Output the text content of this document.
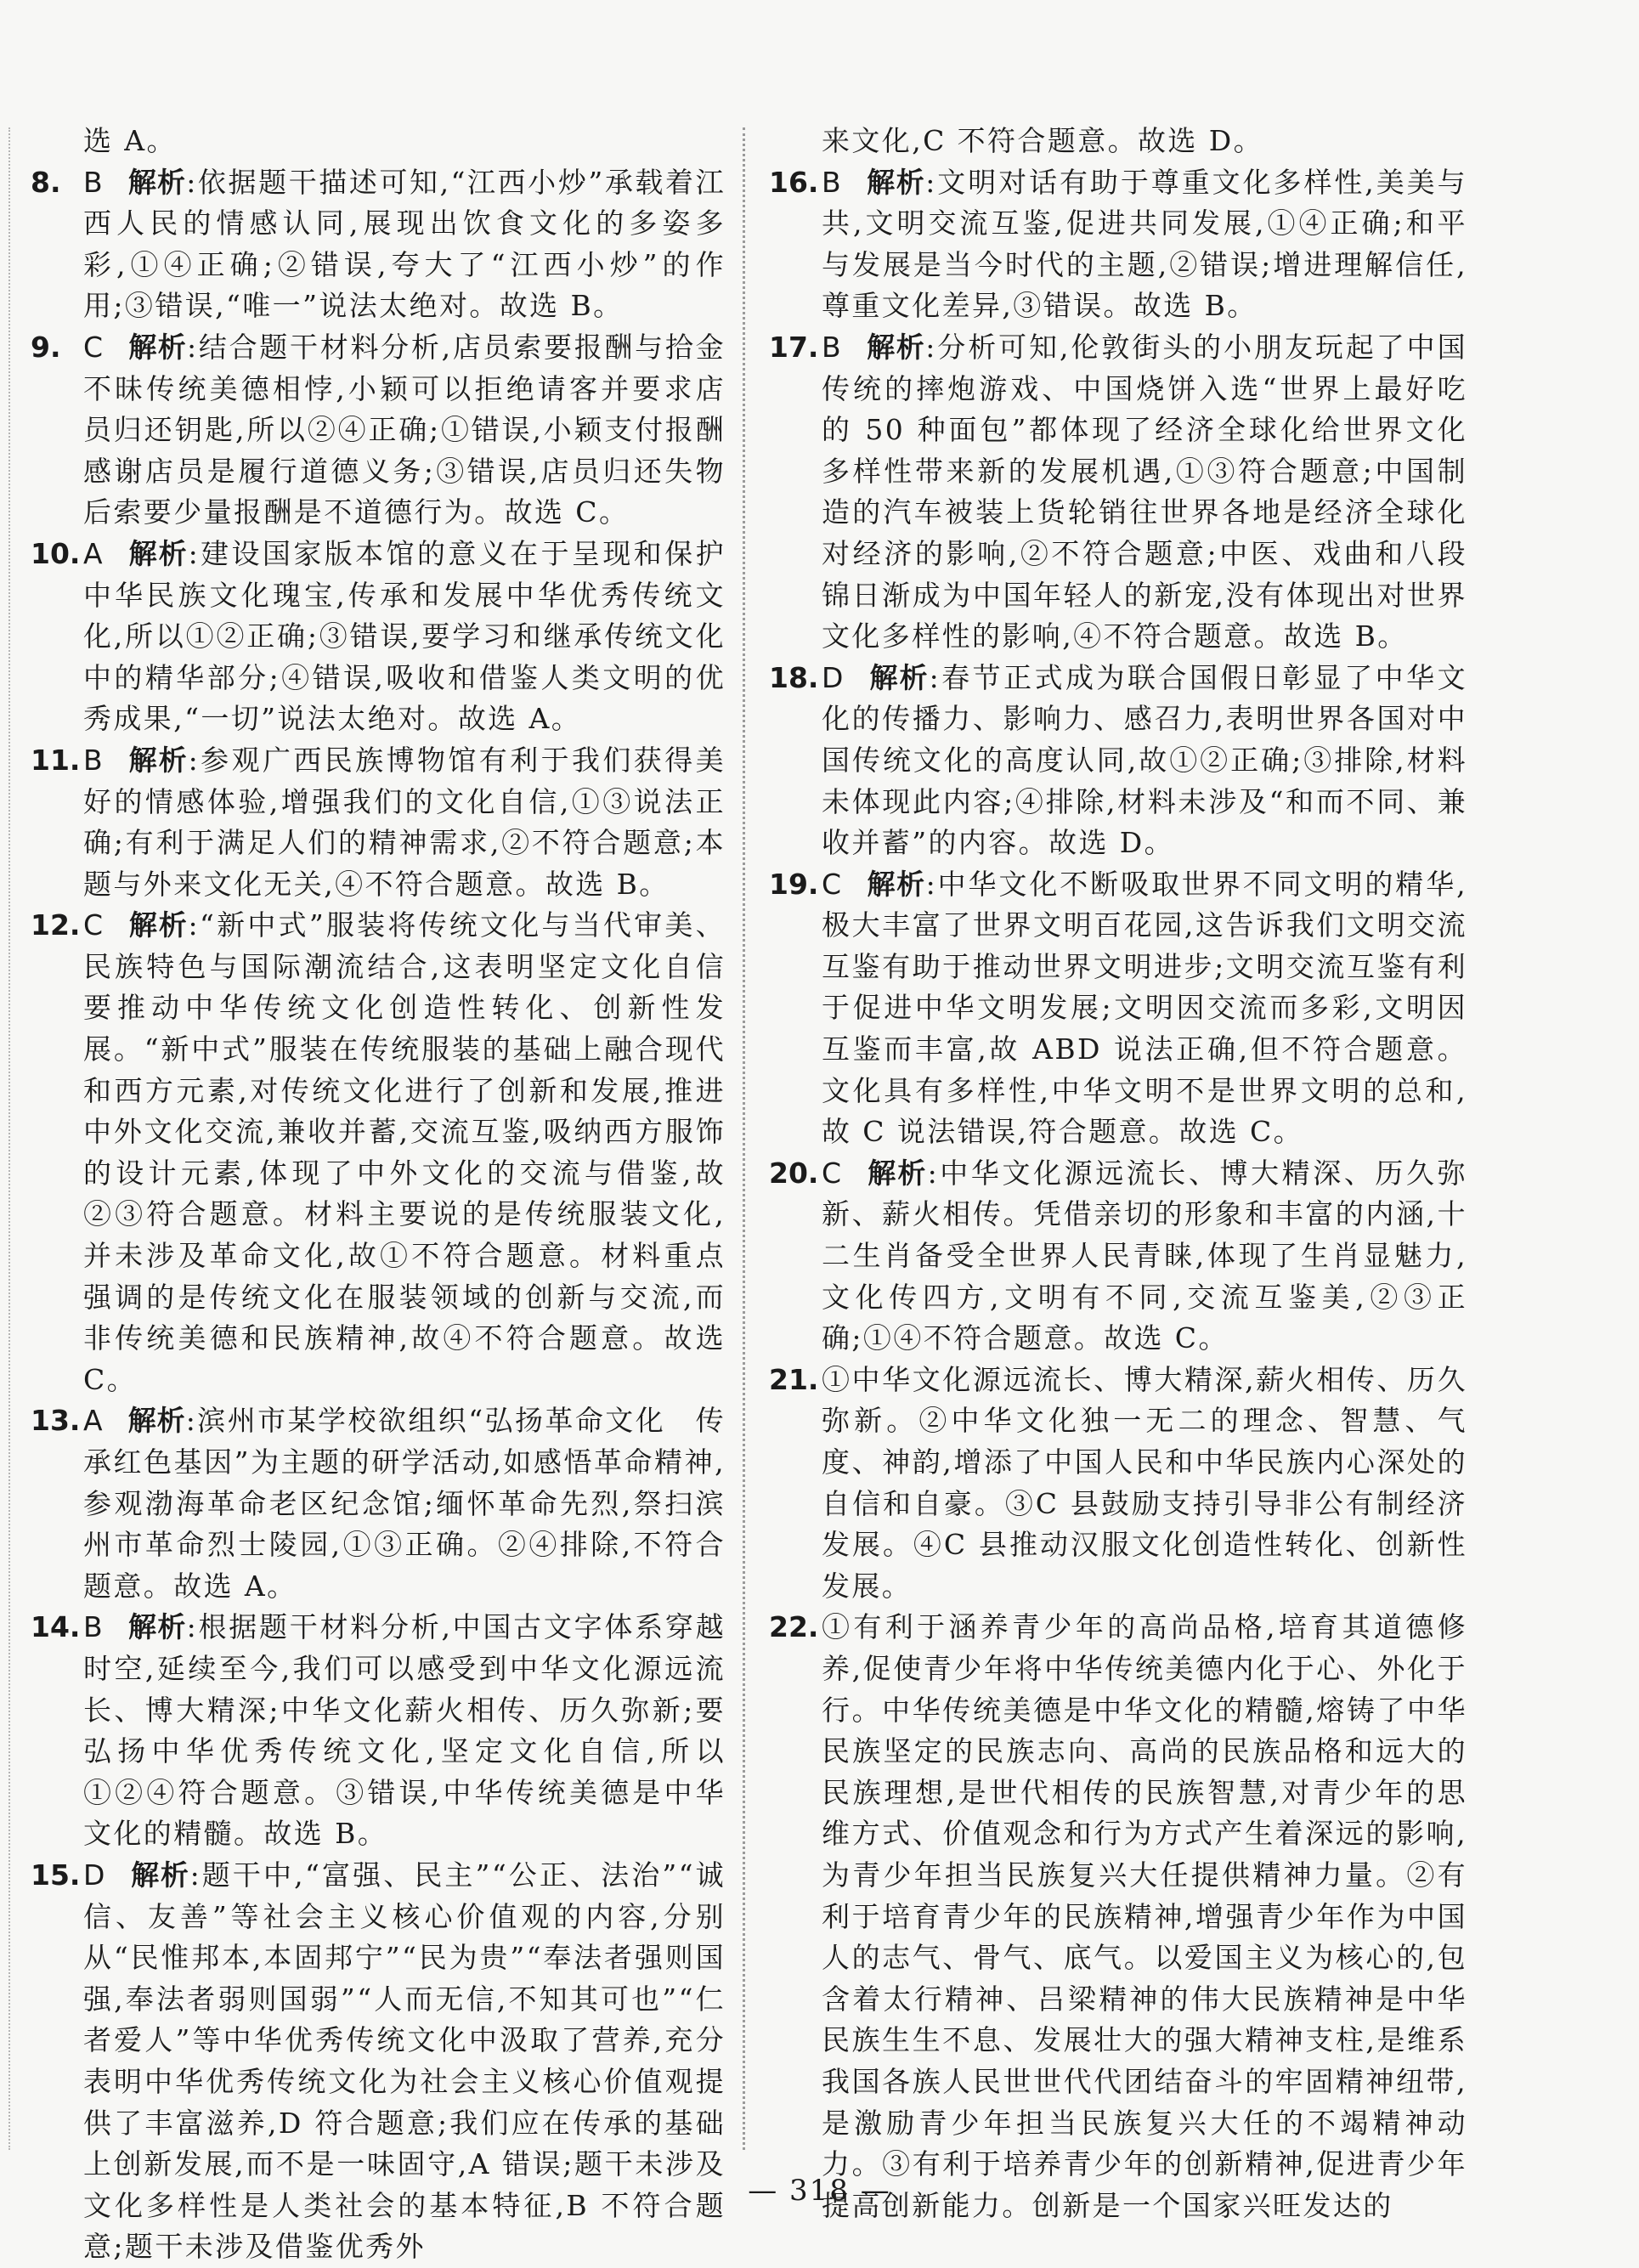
选 A。
8. B 解析:依据题干描述可知,“江西小炒”承载着江西人民的情感认同,展现出饮食文化的多姿多彩,①④正确;②错误,夸大了“江西小炒”的作用;③错误,“唯一”说法太绝对。故选 B。
9. C 解析:结合题干材料分析,店员索要报酬与拾金不昧传统美德相悖,小颖可以拒绝请客并要求店员归还钥匙,所以②④正确;①错误,小颖支付报酬感谢店员是履行道德义务;③错误,店员归还失物后索要少量报酬是不道德行为。故选 C。
10. A 解析:建设国家版本馆的意义在于呈现和保护中华民族文化瑰宝,传承和发展中华优秀传统文化,所以①②正确;③错误,要学习和继承传统文化中的精华部分;④错误,吸收和借鉴人类文明的优秀成果,“一切”说法太绝对。故选 A。
11. B 解析:参观广西民族博物馆有利于我们获得美好的情感体验,增强我们的文化自信,①③说法正确;有利于满足人们的精神需求,②不符合题意;本题与外来文化无关,④不符合题意。故选 B。
12. C 解析:“新中式”服装将传统文化与当代审美、民族特色与国际潮流结合,这表明坚定文化自信要推动中华传统文化创造性转化、创新性发展。“新中式”服装在传统服装的基础上融合现代和西方元素,对传统文化进行了创新和发展,推进中外文化交流,兼收并蓄,交流互鉴,吸纳西方服饰的设计元素,体现了中外文化的交流与借鉴,故②③符合题意。材料主要说的是传统服装文化,并未涉及革命文化,故①不符合题意。材料重点强调的是传统文化在服装领域的创新与交流,而非传统美德和民族精神,故④不符合题意。故选 C。
13. A 解析:滨州市某学校欲组织“弘扬革命文化　传承红色基因”为主题的研学活动,如感悟革命精神,参观渤海革命老区纪念馆;缅怀革命先烈,祭扫滨州市革命烈士陵园,①③正确。②④排除,不符合题意。故选 A。
14. B 解析:根据题干材料分析,中国古文字体系穿越时空,延续至今,我们可以感受到中华文化源远流长、博大精深;中华文化薪火相传、历久弥新;要弘扬中华优秀传统文化,坚定文化自信,所以①②④符合题意。③错误,中华传统美德是中华文化的精髓。故选 B。
15. D 解析:题干中,“富强、民主”“公正、法治”“诚信、友善”等社会主义核心价值观的内容,分别从“民惟邦本,本固邦宁”“民为贵”“奉法者强则国强,奉法者弱则国弱”“人而无信,不知其可也”“仁者爱人”等中华优秀传统文化中汲取了营养,充分表明中华优秀传统文化为社会主义核心价值观提供了丰富滋养,D 符合题意;我们应在传承的基础上创新发展,而不是一味固守,A 错误;题干未涉及文化多样性是人类社会的基本特征,B 不符合题意;题干未涉及借鉴优秀外
来文化,C 不符合题意。故选 D。
16. B 解析:文明对话有助于尊重文化多样性,美美与共,文明交流互鉴,促进共同发展,①④正确;和平与发展是当今时代的主题,②错误;增进理解信任,尊重文化差异,③错误。故选 B。
17. B 解析:分析可知,伦敦街头的小朋友玩起了中国传统的摔炮游戏、中国烧饼入选“世界上最好吃的 50 种面包”都体现了经济全球化给世界文化多样性带来新的发展机遇,①③符合题意;中国制造的汽车被装上货轮销往世界各地是经济全球化对经济的影响,②不符合题意;中医、戏曲和八段锦日渐成为中国年轻人的新宠,没有体现出对世界文化多样性的影响,④不符合题意。故选 B。
18. D 解析:春节正式成为联合国假日彰显了中华文化的传播力、影响力、感召力,表明世界各国对中国传统文化的高度认同,故①②正确;③排除,材料未体现此内容;④排除,材料未涉及“和而不同、兼收并蓄”的内容。故选 D。
19. C 解析:中华文化不断吸取世界不同文明的精华,极大丰富了世界文明百花园,这告诉我们文明交流互鉴有助于推动世界文明进步;文明交流互鉴有利于促进中华文明发展;文明因交流而多彩,文明因互鉴而丰富,故 ABD 说法正确,但不符合题意。文化具有多样性,中华文明不是世界文明的总和,故 C 说法错误,符合题意。故选 C。
20. C 解析:中华文化源远流长、博大精深、历久弥新、薪火相传。凭借亲切的形象和丰富的内涵,十二生肖备受全世界人民青睐,体现了生肖显魅力,文化传四方,文明有不同,交流互鉴美,②③正确;①④不符合题意。故选 C。
21. ①中华文化源远流长、博大精深,薪火相传、历久弥新。②中华文化独一无二的理念、智慧、气度、神韵,增添了中国人民和中华民族内心深处的自信和自豪。③C 县鼓励支持引导非公有制经济发展。④C 县推动汉服文化创造性转化、创新性发展。
22. ①有利于涵养青少年的高尚品格,培育其道德修养,促使青少年将中华传统美德内化于心、外化于行。中华传统美德是中华文化的精髓,熔铸了中华民族坚定的民族志向、高尚的民族品格和远大的民族理想,是世代相传的民族智慧,对青少年的思维方式、价值观念和行为方式产生着深远的影响,为青少年担当民族复兴大任提供精神力量。②有利于培育青少年的民族精神,增强青少年作为中国人的志气、骨气、底气。以爱国主义为核心的,包含着太行精神、吕梁精神的伟大民族精神是中华民族生生不息、发展壮大的强大精神支柱,是维系我国各族人民世世代代团结奋斗的牢固精神纽带,是激励青少年担当民族复兴大任的不竭精神动力。③有利于培养青少年的创新精神,促进青少年提高创新能力。创新是一个国家兴旺发达的
— 318 —
